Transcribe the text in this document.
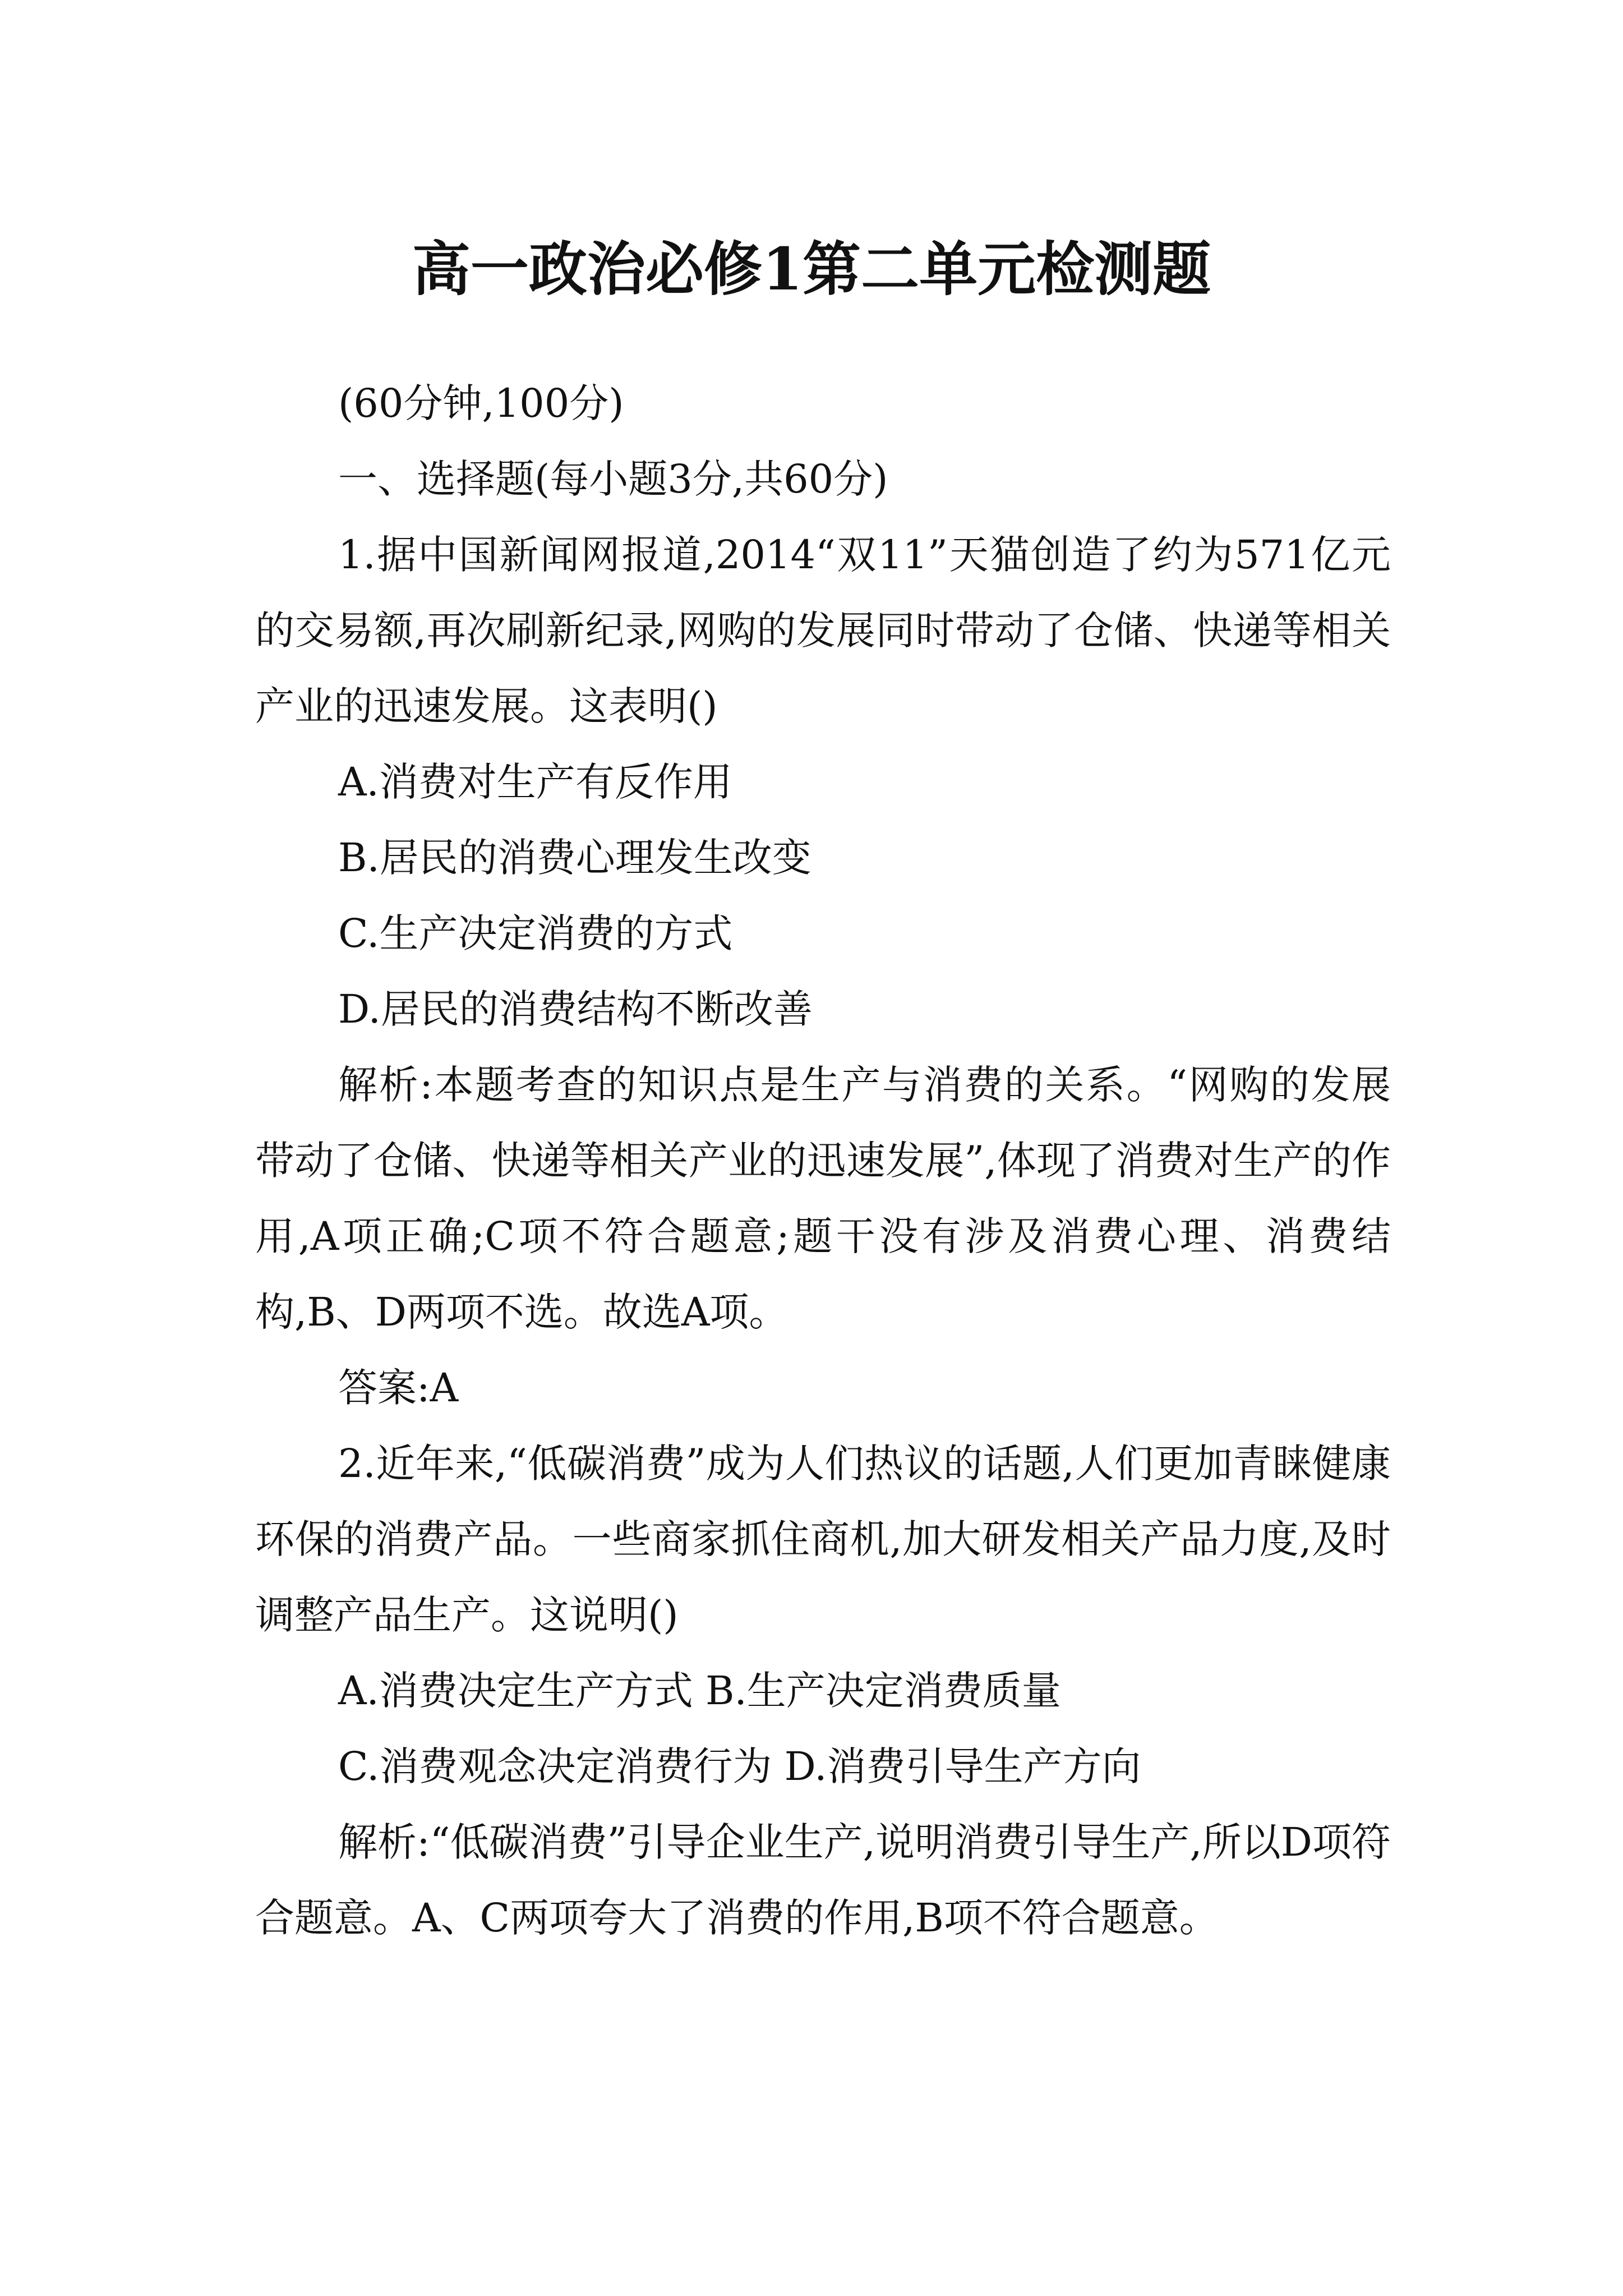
高一政治必修1第二单元检测题

(60分钟,100分)

一、选择题(每小题3分,共60分)

1.据中国新闻网报道,2014“双11”天猫创造了约为571亿元的交易额,再次刷新纪录,网购的发展同时带动了仓储、快递等相关产业的迅速发展。这表明()

A.消费对生产有反作用

B.居民的消费心理发生改变

C.生产决定消费的方式

D.居民的消费结构不断改善

解析:本题考查的知识点是生产与消费的关系。“网购的发展带动了仓储、快递等相关产业的迅速发展”,体现了消费对生产的作用,A项正确;C项不符合题意;题干没有涉及消费心理、消费结构,B、D两项不选。故选A项。

答案:A

2.近年来,“低碳消费”成为人们热议的话题,人们更加青睐健康环保的消费产品。一些商家抓住商机,加大研发相关产品力度,及时调整产品生产。这说明()

A.消费决定生产方式 B.生产决定消费质量

C.消费观念决定消费行为 D.消费引导生产方向

解析:“低碳消费”引导企业生产,说明消费引导生产,所以D项符合题意。A、C两项夸大了消费的作用,B项不符合题意。
